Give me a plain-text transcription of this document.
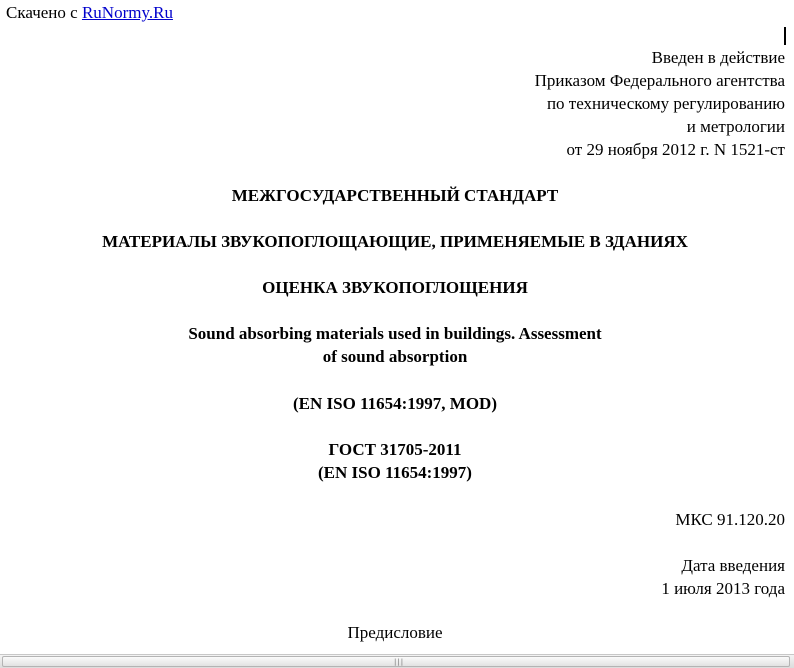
Скачено с RuNormy.Ru
Введен в действие
Приказом Федерального агентства
по техническому регулированию
и метрологии
от 29 ноября 2012 г. N 1521-ст
МЕЖГОСУДАРСТВЕННЫЙ СТАНДАРТ
МАТЕРИАЛЫ ЗВУКОПОГЛОЩАЮЩИЕ, ПРИМЕНЯЕМЫЕ В ЗДАНИЯХ
ОЦЕНКА ЗВУКОПОГЛОЩЕНИЯ
Sound absorbing materials used in buildings. Assessment
of sound absorption
(EN ISO 11654:1997, MOD)
ГОСТ 31705-2011
(EN ISO 11654:1997)
МКС 91.120.20
Дата введения
1 июля 2013 года
Предисловие
|||
